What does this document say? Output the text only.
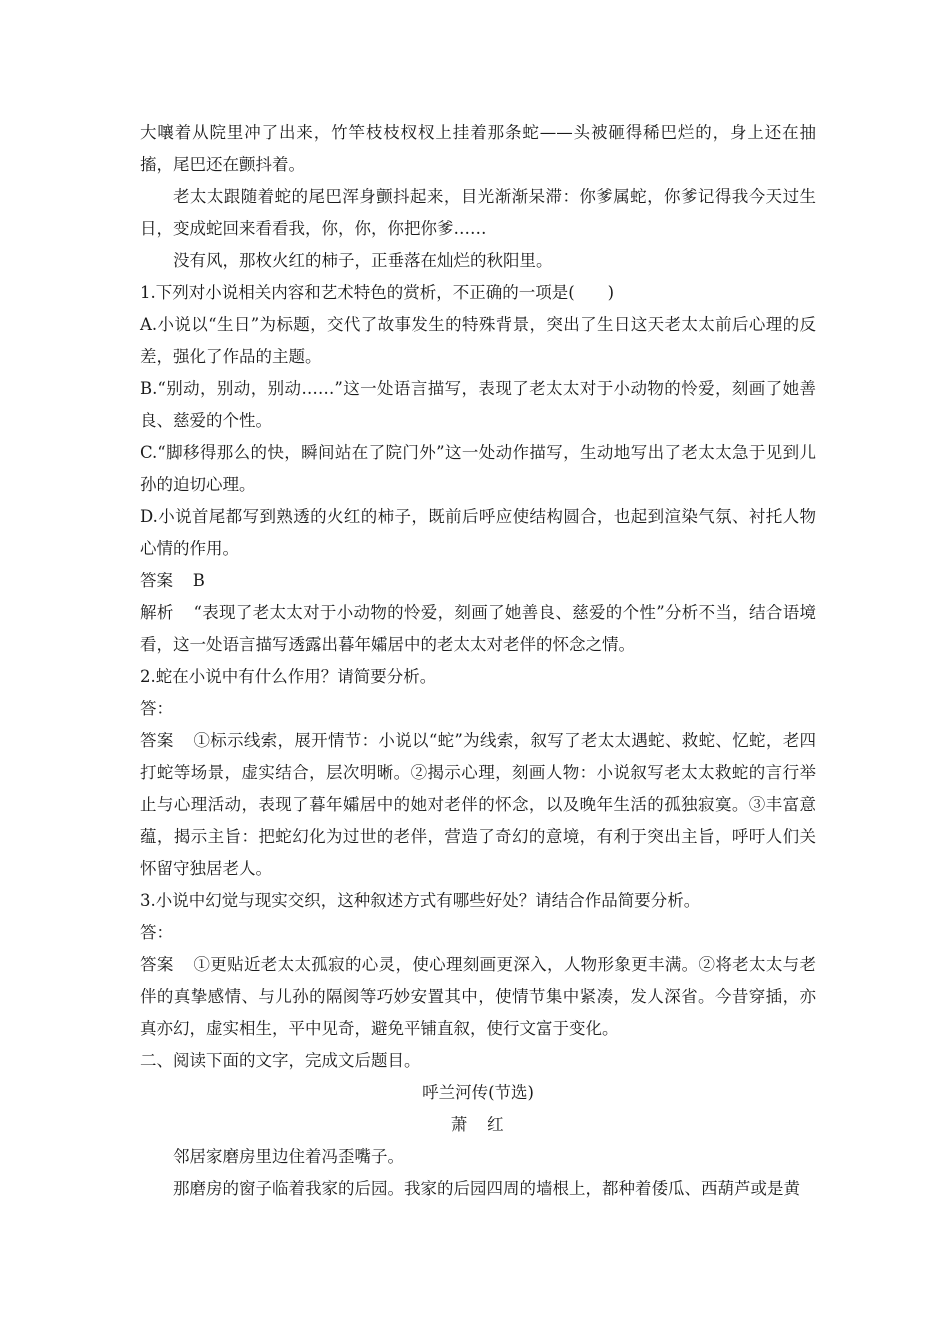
大嚷着从院里冲了出来，竹竿枝枝杈杈上挂着那条蛇——头被砸得稀巴烂的，身上还在抽搐，尾巴还在颤抖着。

老太太跟随着蛇的尾巴浑身颤抖起来，目光渐渐呆滞：你爹属蛇，你爹记得我今天过生日，变成蛇回来看看我，你，你，你把你爹……

没有风，那枚火红的柿子，正垂落在灿烂的秋阳里。

1.下列对小说相关内容和艺术特色的赏析，不正确的一项是(　　)

A.小说以“生日”为标题，交代了故事发生的特殊背景，突出了生日这天老太太前后心理的反差，强化了作品的主题。

B.“别动，别动，别动……”这一处语言描写，表现了老太太对于小动物的怜爱，刻画了她善良、慈爱的个性。

C.“脚移得那么的快，瞬间站在了院门外”这一处动作描写，生动地写出了老太太急于见到儿孙的迫切心理。

D.小说首尾都写到熟透的火红的柿子，既前后呼应使结构圆合，也起到渲染气氛、衬托人物心情的作用。

答案 B

解析 “表现了老太太对于小动物的怜爱，刻画了她善良、慈爱的个性”分析不当，结合语境看，这一处语言描写透露出暮年孀居中的老太太对老伴的怀念之情。

2.蛇在小说中有什么作用？请简要分析。

答：

答案 ①标示线索，展开情节：小说以“蛇”为线索，叙写了老太太遇蛇、救蛇、忆蛇，老四打蛇等场景，虚实结合，层次明晰。②揭示心理，刻画人物：小说叙写老太太救蛇的言行举止与心理活动，表现了暮年孀居中的她对老伴的怀念，以及晚年生活的孤独寂寞。③丰富意蕴，揭示主旨：把蛇幻化为过世的老伴，营造了奇幻的意境，有利于突出主旨，呼吁人们关怀留守独居老人。

3.小说中幻觉与现实交织，这种叙述方式有哪些好处？请结合作品简要分析。

答：

答案 ①更贴近老太太孤寂的心灵，使心理刻画更深入，人物形象更丰满。②将老太太与老伴的真挚感情、与儿孙的隔阂等巧妙安置其中，使情节集中紧凑，发人深省。今昔穿插，亦真亦幻，虚实相生，平中见奇，避免平铺直叙，使行文富于变化。

二、阅读下面的文字，完成文后题目。

呼兰河传(节选)

萧　红

邻居家磨房里边住着冯歪嘴子。

那磨房的窗子临着我家的后园。我家的后园四周的墙根上，都种着倭瓜、西葫芦或是黄
